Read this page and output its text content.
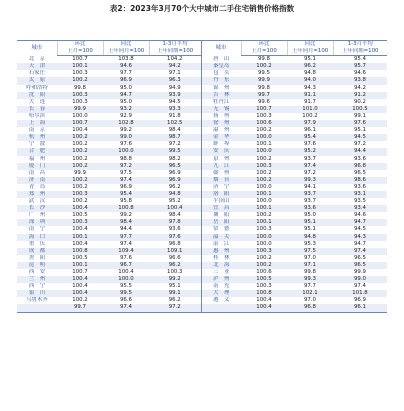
表2：2023年3月70个大中城市二手住宅销售价格指数
城市	环比	同比	1-3月平均	城市	环比	同比	1-3月平均
	上月=100	上年同月=100	上年同期=100		上月=100	上年同月=100	上年同期=100
北　京	100.7	103.8	104.2	唐　山	99.8	95.1	95.4
天　津	100.1	94.6	94.2	秦皇岛	100.2	96.2	95.7
石家庄	100.3	97.7	97.1	包　头	99.5	94.8	94.6
太　原	100.2	96.9	96.3	丹　东	99.9	94.0	93.8
呼和浩特	99.8	95.0	94.9	锦　州	99.8	94.3	94.2
沈　阳	100.3	94.7	93.9	吉　林	99.7	91.1	91.2
大　连	100.3	95.0	94.5	牡丹江	99.6	91.7	90.2
长　春	99.9	93.2	93.3	无　锡	100.7	101.0	100.5
哈尔滨	100.0	92.9	91.8	扬　州	100.3	100.2	99.1
上　海	100.7	102.8	102.5	徐　州	100.6	97.9	97.6
南　京	100.4	99.2	98.4	温　州	100.2	96.1	95.1
杭　州	100.2	99.0	98.7	金　华	100.0	95.4	94.5
宁　波	100.2	97.6	97.2	蚌　埠	100.1	97.6	97.2
合　肥	100.2	100.0	99.5	安　庆	100.0	95.2	94.4
福　州	100.2	98.8	98.2	泉　州	100.2	93.7	93.6
厦　门	100.2	97.2	96.5	九　江	100.3	97.4	96.8
南　昌	99.9	97.5	96.9	赣　州	100.2	97.2	96.5
济　南	100.2	97.4	96.9	烟　台	100.2	99.3	98.6
青　岛	100.2	96.9	96.2	济　宁	100.0	94.1	93.6
郑　州	100.3	95.4	94.8	洛　阳	100.1	93.7	93.1
武　汉	100.2	95.8	95.2	平顶山	100.0	93.7	93.5
长　沙	100.4	100.8	100.4	宜　昌	100.1	93.6	93.4
广　州	100.5	99.2	98.4	襄　阳	100.2	95.0	94.6
深　圳	100.3	98.4	97.8	岳　阳	100.1	95.1	94.7
南　宁	100.4	94.4	93.6	常　德	100.3	95.1	94.5
海　口	100.1	97.7	97.6	韶　关	100.0	94.8	94.3
重　庆	100.4	97.4	96.8	湛　江	100.0	95.3	94.7
成　都	100.8	109.4	109.1	惠　州	100.3	97.5	97.4
贵　阳	100.5	97.6	96.6	桂　林	100.2	97.0	96.5
昆　明	100.1	96.7	96.2	北　海	100.2	97.1	96.5
西　安	100.7	100.4	100.3	三　亚	100.6	99.8	99.9
兰　州	100.4	100.0	99.2	泸　州	100.5	99.3	99.0
西　宁	100.4	95.5	95.1	南　充	100.3	97.7	97.4
银　川	100.4	99.5	99.1	大　理	100.8	102.1	101.8
乌鲁木齐	100.2	96.6	96.2	遵　义	100.4	97.0	96.9
	99.7	97.4	97.2		100.4	96.8	96.1
